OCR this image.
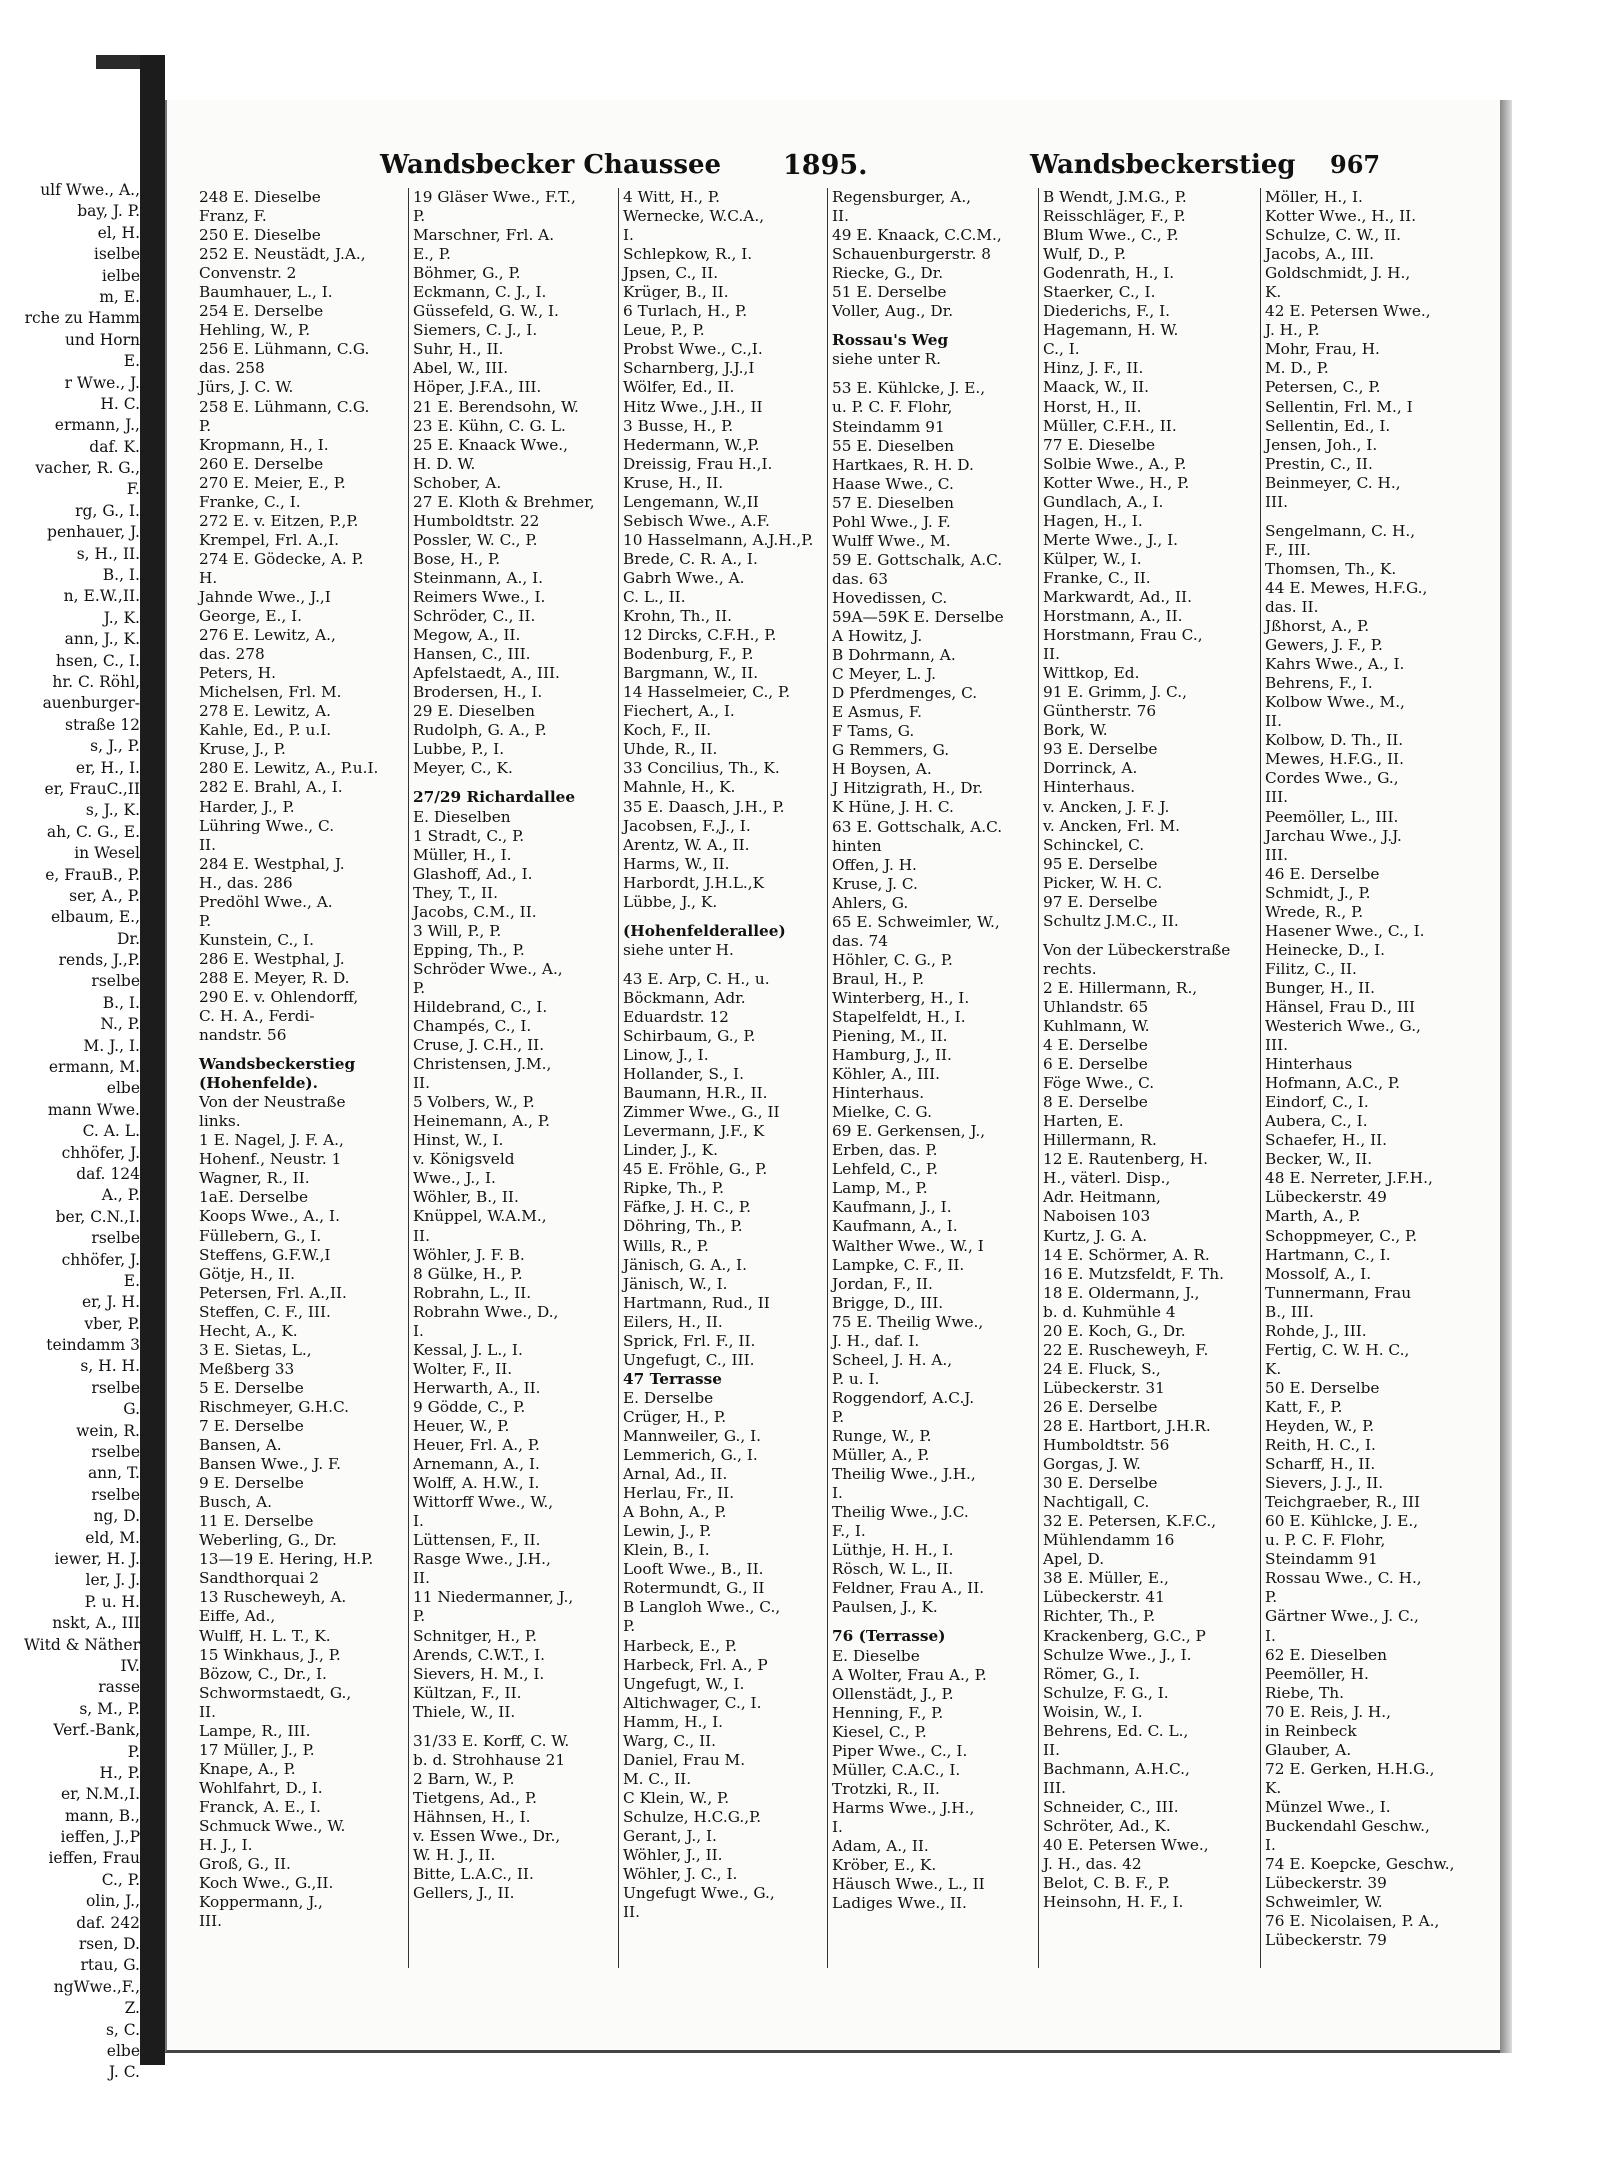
ulf Wwe., A.,
bay, J. P.
el, H.
iselbe
ielbe
m, E.
rche zu Hamm
und Horn
E.
r Wwe., J.
H. C.
ermann, J.,
daf. K.
vacher, R. G.,
F.
rg, G., I.
penhauer, J.
s, H., II.
B., I.
n, E.W.,II.
J., K.
ann, J., K.
hsen, C., I.
hr. C. Röhl,
auenburger-
straße 12
s, J., P.
er, H., I.
er, FrauC.,II
s, J., K.
ah, C. G., E.
in Wesel
e, FrauB., P.
ser, A., P.
elbaum, E.,
Dr.
rends, J.,P.
rselbe
B., I.
N., P.
M. J., I.
ermann, M.
elbe
mann Wwe.
C. A. L.
chhöfer, J.
daf. 124
A., P.
ber, C.N.,I.
rselbe
chhöfer, J.
E.
er, J. H.
vber, P.
teindamm 3
s, H. H.
rselbe
G.
wein, R.
rselbe
ann, T.
rselbe
ng, D.
eld, M.
iewer, H. J.
ler, J. J.
P. u. H.
nskt, A., III
Witd & Näther
IV.
rasse
s, M., P.
Verf.-Bank,
P.
H., P.
er, N.M.,I.
mann, B.,
ieffen, J.,P
ieffen, Frau
C., P.
olin, J.,
daf. 242
rsen, D.
rtau, G.
ngWwe.,F.,
Z.
s, C.
elbe
J. C.
Wandsbecker Chaussee 1895.	Wandsbeckerstieg 967
248 E. Dieselbe
Franz, F.
250 E. Dieselbe
252 E. Neustädt, J.A.,
Convenstr. 2
Baumhauer, L., I.
254 E. Derselbe
Hehling, W., P.
256 E. Lühmann, C.G.
das. 258
Jürs, J. C. W.
258 E. Lühmann, C.G.
P.
Kropmann, H., I.
260 E. Derselbe
270 E. Meier, E., P.
Franke, C., I.
272 E. v. Eitzen, P.,P.
Krempel, Frl. A.,I.
274 E. Gödecke, A. P.
H.
Jahnde Wwe., J.,I
George, E., I.
276 E. Lewitz, A.,
das. 278
Peters, H.
Michelsen, Frl. M.
278 E. Lewitz, A.
Kahle, Ed., P. u.I.
Kruse, J., P.
280 E. Lewitz, A., P.u.I.
282 E. Brahl, A., I.
Harder, J., P.
Lühring Wwe., C.
II.
284 E. Westphal, J.
H., das. 286
Predöhl Wwe., A.
P.
Kunstein, C., I.
286 E. Westphal, J.
288 E. Meyer, R. D.
290 E. v. Ohlendorff,
C. H. A., Ferdi-
nandstr. 56
Wandsbeckerstieg
(Hohenfelde).
Von der Neustraße
links.
1 E. Nagel, J. F. A.,
Hohenf., Neustr. 1
Wagner, R., II.
1aE. Derselbe
Koops Wwe., A., I.
Füllebern, G., I.
Steffens, G.F.W.,I
Götje, H., II.
Petersen, Frl. A.,II.
Steffen, C. F., III.
Hecht, A., K.
3 E. Sietas, L.,
Meßberg 33
5 E. Derselbe
Rischmeyer, G.H.C.
7 E. Derselbe
Bansen, A.
Bansen Wwe., J. F.
9 E. Derselbe
Busch, A.
11 E. Derselbe
Weberling, G., Dr.
13—19 E. Hering, H.P.
Sandthorquai 2
13 Ruscheweyh, A.
Eiffe, Ad.,
Wulff, H. L. T., K.
15 Winkhaus, J., P.
Bözow, C., Dr., I.
Schwormstaedt, G.,
II.
Lampe, R., III.
17 Müller, J., P.
Knape, A., P.
Wohlfahrt, D., I.
Franck, A. E., I.
Schmuck Wwe., W.
H. J., I.
Groß, G., II.
Koch Wwe., G.,II.
Koppermann, J.,
III.
19 Gläser Wwe., F.T.,
P.
Marschner, Frl. A.
E., P.
Böhmer, G., P.
Eckmann, C. J., I.
Güssefeld, G. W., I.
Siemers, C. J., I.
Suhr, H., II.
Abel, W., III.
Höper, J.F.A., III.
21 E. Berendsohn, W.
23 E. Kühn, C. G. L.
25 E. Knaack Wwe.,
H. D. W.
Schober, A.
27 E. Kloth & Brehmer,
Humboldtstr. 22
Possler, W. C., P.
Bose, H., P.
Steinmann, A., I.
Reimers Wwe., I.
Schröder, C., II.
Megow, A., II.
Hansen, C., III.
Apfelstaedt, A., III.
Brodersen, H., I.
29 E. Dieselben
Rudolph, G. A., P.
Lubbe, P., I.
Meyer, C., K.
27/29 Richardallee
E. Dieselben
1 Stradt, C., P.
Müller, H., I.
Glashoff, Ad., I.
They, T., II.
Jacobs, C.M., II.
3 Will, P., P.
Epping, Th., P.
Schröder Wwe., A.,
P.
Hildebrand, C., I.
Champés, C., I.
Cruse, J. C.H., II.
Christensen, J.M.,
II.
5 Volbers, W., P.
Heinemann, A., P.
Hinst, W., I.
v. Königsveld
Wwe., J., I.
Wöhler, B., II.
Knüppel, W.A.M.,
II.
Wöhler, J. F. B.
8 Gülke, H., P.
Robrahn, L., II.
Robrahn Wwe., D.,
I.
Kessal, J. L., I.
Wolter, F., II.
Herwarth, A., II.
9 Gödde, C., P.
Heuer, W., P.
Heuer, Frl. A., P.
Arnemann, A., I.
Wolff, A. H.W., I.
Wittorff Wwe., W.,
I.
Lüttensen, F., II.
Rasge Wwe., J.H.,
II.
11 Niedermanner, J.,
P.
Schnitger, H., P.
Arends, C.W.T., I.
Sievers, H. M., I.
Kültzan, F., II.
Thiele, W., II.
31/33 E. Korff, C. W.
b. d. Strohhause 21
2 Barn, W., P.
Tietgens, Ad., P.
Hähnsen, H., I.
v. Essen Wwe., Dr.,
W. H. J., II.
Bitte, L.A.C., II.
Gellers, J., II.
4 Witt, H., P.
Wernecke, W.C.A.,
I.
Schlepkow, R., I.
Jpsen, C., II.
Krüger, B., II.
6 Turlach, H., P.
Leue, P., P.
Probst Wwe., C.,I.
Scharnberg, J.J.,I
Wölfer, Ed., II.
Hitz Wwe., J.H., II
3 Busse, H., P.
Hedermann, W.,P.
Dreissig, Frau H.,I.
Kruse, H., II.
Lengemann, W.,II
Sebisch Wwe., A.F.
10 Hasselmann, A.J.H.,P.
Brede, C. R. A., I.
Gabrh Wwe., A.
C. L., II.
Krohn, Th., II.
12 Dircks, C.F.H., P.
Bodenburg, F., P.
Bargmann, W., II.
14 Hasselmeier, C., P.
Fiechert, A., I.
Koch, F., II.
Uhde, R., II.
33 Concilius, Th., K.
Mahnle, H., K.
35 E. Daasch, J.H., P.
Jacobsen, F.,J., I.
Arentz, W. A., II.
Harms, W., II.
Harbordt, J.H.L.,K
Lübbe, J., K.
(Hohenfelderallee)
siehe unter H.
43 E. Arp, C. H., u.
Böckmann, Adr.
Eduardstr. 12
Schirbaum, G., P.
Linow, J., I.
Hollander, S., I.
Baumann, H.R., II.
Zimmer Wwe., G., II
Levermann, J.F., K
Linder, J., K.
45 E. Fröhle, G., P.
Ripke, Th., P.
Fäfke, J. H. C., P.
Döhring, Th., P.
Wills, R., P.
Jänisch, G. A., I.
Jänisch, W., I.
Hartmann, Rud., II
Eilers, H., II.
Sprick, Frl. F., II.
Ungefugt, C., III.
47 Terrasse
E. Derselbe
Crüger, H., P.
Mannweiler, G., I.
Lemmerich, G., I.
Arnal, Ad., II.
Herlau, Fr., II.
A Bohn, A., P.
Lewin, J., P.
Klein, B., I.
Looft Wwe., B., II.
Rotermundt, G., II
B Langloh Wwe., C.,
P.
Harbeck, E., P.
Harbeck, Frl. A., P
Ungefugt, W., I.
Altichwager, C., I.
Hamm, H., I.
Warg, C., II.
Daniel, Frau M.
M. C., II.
C Klein, W., P.
Schulze, H.C.G.,P.
Gerant, J., I.
Wöhler, J., II.
Wöhler, J. C., I.
Ungefugt Wwe., G.,
II.
Regensburger, A.,
II.
49 E. Knaack, C.C.M.,
Schauenburgerstr. 8
Riecke, G., Dr.
51 E. Derselbe
Voller, Aug., Dr.
Rossau's Weg
siehe unter R.
53 E. Kühlcke, J. E.,
u. P. C. F. Flohr,
Steindamm 91
55 E. Dieselben
Hartkaes, R. H. D.
Haase Wwe., C.
57 E. Dieselben
Pohl Wwe., J. F.
Wulff Wwe., M.
59 E. Gottschalk, A.C.
das. 63
Hovedissen, C.
59A—59K E. Derselbe
A Howitz, J.
B Dohrmann, A.
C Meyer, L. J.
D Pferdmenges, C.
E Asmus, F.
F Tams, G.
G Remmers, G.
H Boysen, A.
J Hitzigrath, H., Dr.
K Hüne, J. H. C.
63 E. Gottschalk, A.C.
hinten
Offen, J. H.
Kruse, J. C.
Ahlers, G.
65 E. Schweimler, W.,
das. 74
Höhler, C. G., P.
Braul, H., P.
Winterberg, H., I.
Stapelfeldt, H., I.
Piening, M., II.
Hamburg, J., II.
Köhler, A., III.
Hinterhaus.
Mielke, C. G.
69 E. Gerkensen, J.,
Erben, das. P.
Lehfeld, C., P.
Lamp, M., P.
Kaufmann, J., I.
Kaufmann, A., I.
Walther Wwe., W., I
Lampke, C. F., II.
Jordan, F., II.
Brigge, D., III.
75 E. Theilig Wwe.,
J. H., daf. I.
Scheel, J. H. A.,
P. u. I.
Roggendorf, A.C.J.
P.
Runge, W., P.
Müller, A., P.
Theilig Wwe., J.H.,
I.
Theilig Wwe., J.C.
F., I.
Lüthje, H. H., I.
Rösch, W. L., II.
Feldner, Frau A., II.
Paulsen, J., K.
76 (Terrasse)
E. Dieselbe
A Wolter, Frau A., P.
Ollenstädt, J., P.
Henning, F., P.
Kiesel, C., P.
Piper Wwe., C., I.
Müller, C.A.C., I.
Trotzki, R., II.
Harms Wwe., J.H.,
I.
Adam, A., II.
Kröber, E., K.
Häusch Wwe., L., II
Ladiges Wwe., II.
B Wendt, J.M.G., P.
Reisschläger, F., P.
Blum Wwe., C., P.
Wulf, D., P.
Godenrath, H., I.
Staerker, C., I.
Diederichs, F., I.
Hagemann, H. W.
C., I.
Hinz, J. F., II.
Maack, W., II.
Horst, H., II.
Müller, C.F.H., II.
77 E. Dieselbe
Solbie Wwe., A., P.
Kotter Wwe., H., P.
Gundlach, A., I.
Hagen, H., I.
Merte Wwe., J., I.
Külper, W., I.
Franke, C., II.
Markwardt, Ad., II.
Horstmann, A., II.
Horstmann, Frau C.,
II.
Wittkop, Ed.
91 E. Grimm, J. C.,
Güntherstr. 76
Bork, W.
93 E. Derselbe
Dorrinck, A.
Hinterhaus.
v. Ancken, J. F. J.
v. Ancken, Frl. M.
Schinckel, C.
95 E. Derselbe
Picker, W. H. C.
97 E. Derselbe
Schultz J.M.C., II.
Von der Lübeckerstraße
rechts.
2 E. Hillermann, R.,
Uhlandstr. 65
Kuhlmann, W.
4 E. Derselbe
6 E. Derselbe
Föge Wwe., C.
8 E. Derselbe
Harten, E.
Hillermann, R.
12 E. Rautenberg, H.
H., väterl. Disp.,
Adr. Heitmann,
Naboisen 103
Kurtz, J. G. A.
14 E. Schörmer, A. R.
16 E. Mutzsfeldt, F. Th.
18 E. Oldermann, J.,
b. d. Kuhmühle 4
20 E. Koch, G., Dr.
22 E. Ruscheweyh, F.
24 E. Fluck, S.,
Lübeckerstr. 31
26 E. Derselbe
28 E. Hartbort, J.H.R.
Humboldtstr. 56
Gorgas, J. W.
30 E. Derselbe
Nachtigall, C.
32 E. Petersen, K.F.C.,
Mühlendamm 16
Apel, D.
38 E. Müller, E.,
Lübeckerstr. 41
Richter, Th., P.
Krackenberg, G.C., P
Schulze Wwe., J., I.
Römer, G., I.
Schulze, F. G., I.
Woisin, W., I.
Behrens, Ed. C. L.,
II.
Bachmann, A.H.C.,
III.
Schneider, C., III.
Schröter, Ad., K.
40 E. Petersen Wwe.,
J. H., das. 42
Belot, C. B. F., P.
Heinsohn, H. F., I.
Möller, H., I.
Kotter Wwe., H., II.
Schulze, C. W., II.
Jacobs, A., III.
Goldschmidt, J. H.,
K.
42 E. Petersen Wwe.,
J. H., P.
Mohr, Frau, H.
M. D., P.
Petersen, C., P.
Sellentin, Frl. M., I
Sellentin, Ed., I.
Jensen, Joh., I.
Prestin, C., II.
Beinmeyer, C. H.,
III.
Sengelmann, C. H.,
F., III.
Thomsen, Th., K.
44 E. Mewes, H.F.G.,
das. II.
Jßhorst, A., P.
Gewers, J. F., P.
Kahrs Wwe., A., I.
Behrens, F., I.
Kolbow Wwe., M.,
II.
Kolbow, D. Th., II.
Mewes, H.F.G., II.
Cordes Wwe., G.,
III.
Peemöller, L., III.
Jarchau Wwe., J.J.
III.
46 E. Derselbe
Schmidt, J., P.
Wrede, R., P.
Hasener Wwe., C., I.
Heinecke, D., I.
Filitz, C., II.
Bunger, H., II.
Hänsel, Frau D., III
Westerich Wwe., G.,
III.
Hinterhaus
Hofmann, A.C., P.
Eindorf, C., I.
Aubera, C., I.
Schaefer, H., II.
Becker, W., II.
48 E. Nerreter, J.F.H.,
Lübeckerstr. 49
Marth, A., P.
Schoppmeyer, C., P.
Hartmann, C., I.
Mossolf, A., I.
Tunnermann, Frau
B., III.
Rohde, J., III.
Fertig, C. W. H. C.,
K.
50 E. Derselbe
Katt, F., P.
Heyden, W., P.
Reith, H. C., I.
Scharff, H., II.
Sievers, J. J., II.
Teichgraeber, R., III
60 E. Kühlcke, J. E.,
u. P. C. F. Flohr,
Steindamm 91
Rossau Wwe., C. H.,
P.
Gärtner Wwe., J. C.,
I.
62 E. Dieselben
Peemöller, H.
Riebe, Th.
70 E. Reis, J. H.,
in Reinbeck
Glauber, A.
72 E. Gerken, H.H.G.,
K.
Münzel Wwe., I.
Buckendahl Geschw.,
I.
74 E. Koepcke, Geschw.,
Lübeckerstr. 39
Schweimler, W.
76 E. Nicolaisen, P. A.,
Lübeckerstr. 79
